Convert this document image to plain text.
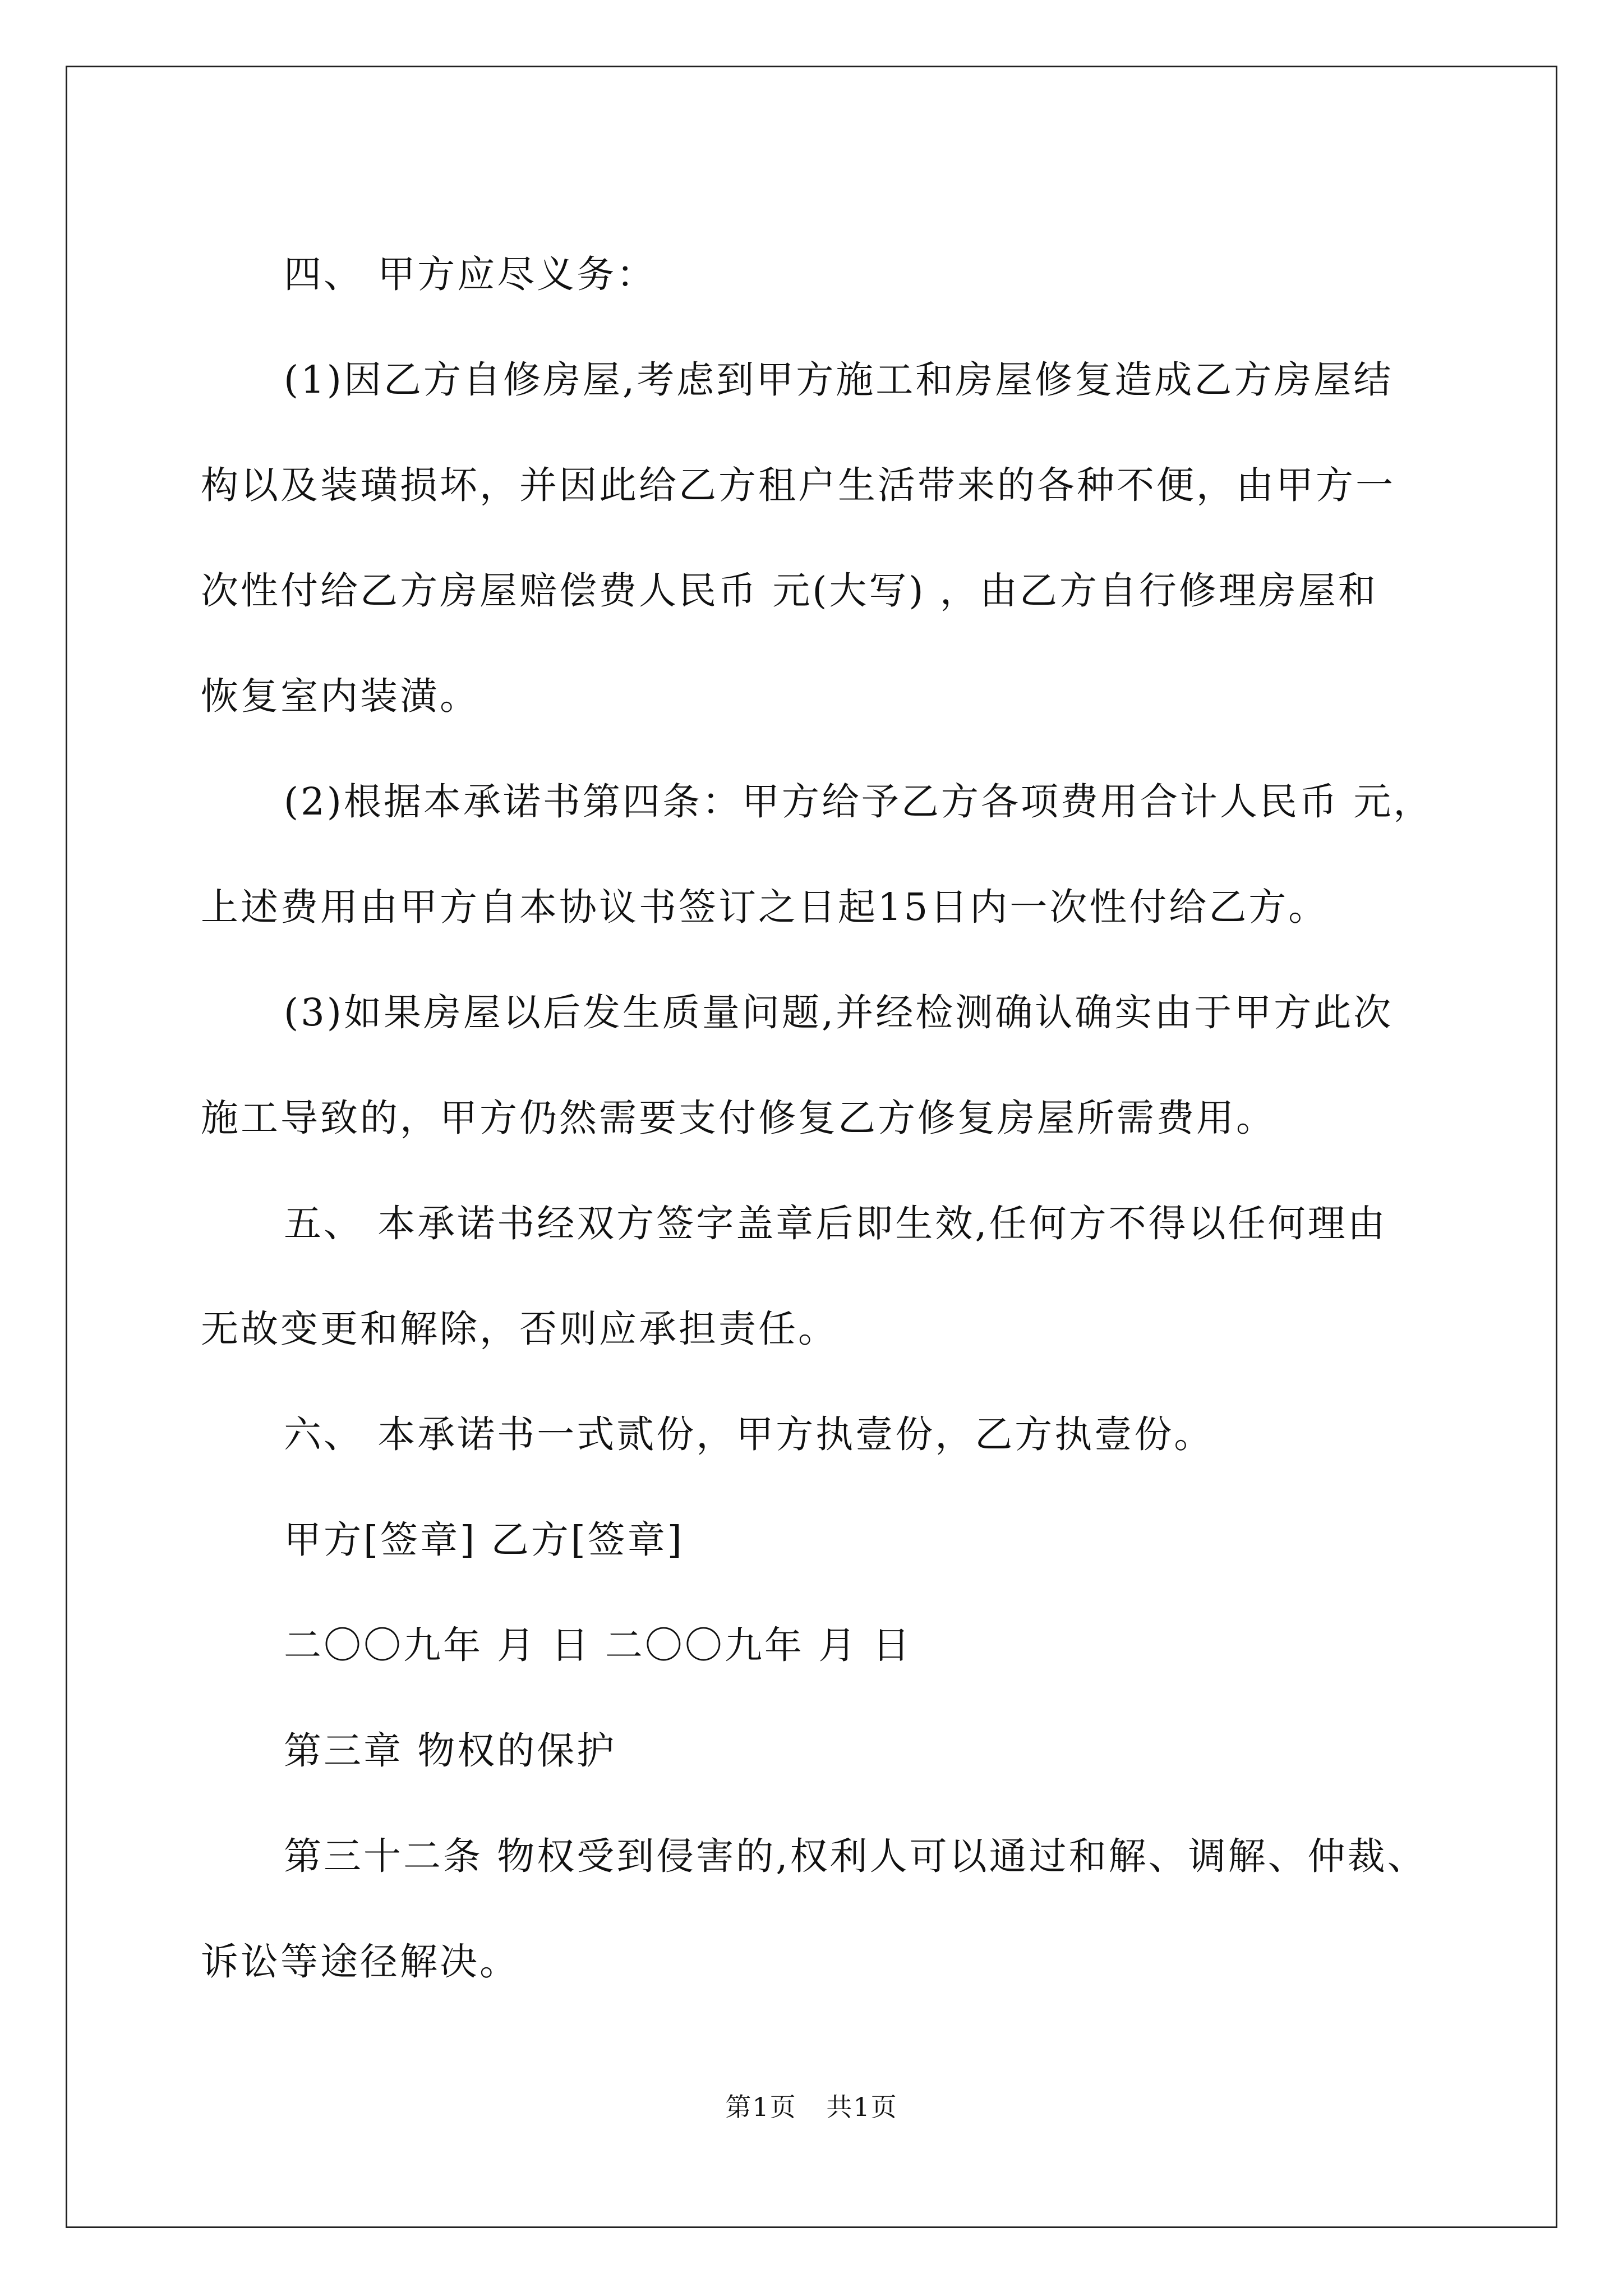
四、 甲方应尽义务：

(1)因乙方自修房屋,考虑到甲方施工和房屋修复造成乙方房屋结

构以及装璜损坏，并因此给乙方租户生活带来的各种不便，由甲方一

次性付给乙方房屋赔偿费人民币 元(大写) ，由乙方自行修理房屋和

恢复室内装潢。

(2)根据本承诺书第四条：甲方给予乙方各项费用合计人民币 元，

上述费用由甲方自本协议书签订之日起15日内一次性付给乙方。

(3)如果房屋以后发生质量问题,并经检测确认确实由于甲方此次

施工导致的，甲方仍然需要支付修复乙方修复房屋所需费用。

五、 本承诺书经双方签字盖章后即生效,任何方不得以任何理由

无故变更和解除，否则应承担责任。

六、 本承诺书一式贰份，甲方执壹份，乙方执壹份。

甲方[签章] 乙方[签章]

二〇〇九年 月 日 二〇〇九年 月 日

第三章 物权的保护

第三十二条 物权受到侵害的,权利人可以通过和解、调解、仲裁、

诉讼等途径解决。

第1页 共1页
